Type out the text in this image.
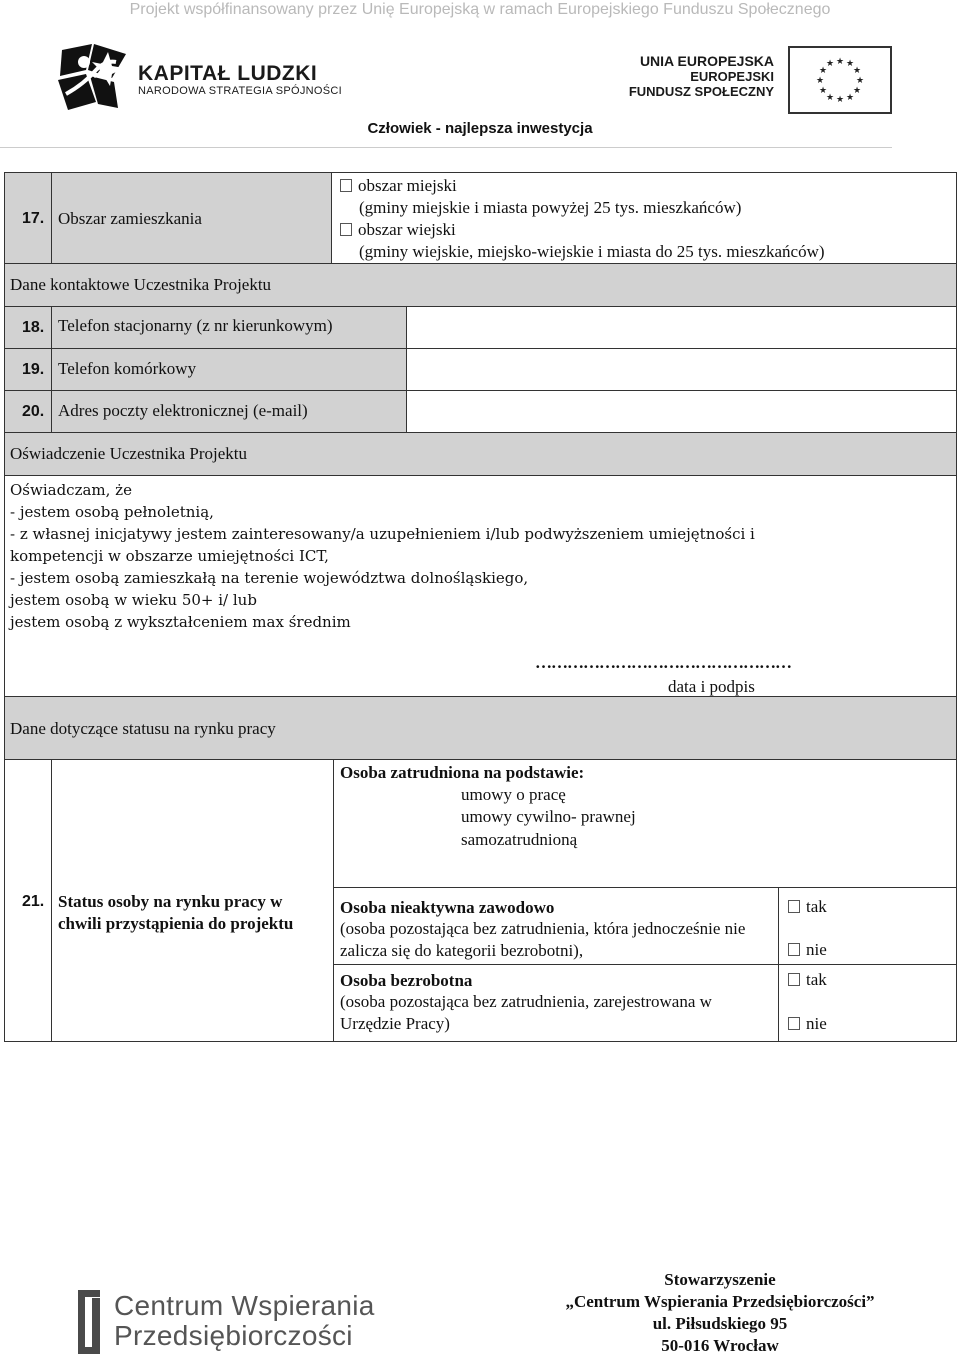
Projekt współfinansowany przez Unię Europejską w ramach Europejskiego Funduszu Społecznego
KAPITAŁ LUDZKI
NARODOWA STRATEGIA SPÓJNOŚCI
UNIA EUROPEJSKA
EUROPEJSKI
FUNDUSZ SPOŁECZNY
★ ★
★
★
★
★
★
★
★
★
★
★
Człowiek - najlepsza inwestycja
17. Obszar zamieszkania
obszar miejski
(gminy miejskie i miasta powyżej 25 tys. mieszkańców)
obszar wiejski
(gminy wiejskie, miejsko-wiejskie i miasta do 25 tys. mieszkańców)
Dane kontaktowe Uczestnika Projektu
18. Telefon stacjonarny (z nr kierunkowym)
19. Telefon komórkowy
20. Adres poczty elektronicznej (e-mail)
Oświadczenie Uczestnika Projektu
Oświadczam, że
- jestem osobą pełnoletnią,
- z własnej inicjatywy jestem zainteresowany/a uzupełnieniem i/lub podwyższeniem umiejętności i
kompetencji w obszarze umiejętności ICT,
- jestem osobą zamieszkałą na terenie województwa dolnośląskiego,
jestem osobą w wieku 50+ i/ lub
jestem osobą z wykształceniem max średnim
…………………………………………
data i podpis
Dane dotyczące statusu na rynku pracy
21. Status osoby na rynku pracy w chwili przystąpienia do projektu
Osoba zatrudniona na podstawie:
umowy o pracę
umowy cywilno- prawnej
samozatrudnioną
Osoba nieaktywna zawodowo
(osoba pozostająca bez zatrudnienia, która jednocześnie nie zalicza się do kategorii bezrobotni),
tak
nie
Osoba bezrobotna
(osoba pozostająca bez zatrudnienia, zarejestrowana w Urzędzie Pracy)
tak
nie
Centrum Wspierania
Przedsiębiorczości
Stowarzyszenie
„Centrum Wspierania Przedsiębiorczości”
ul. Piłsudskiego 95
50-016 Wrocław
